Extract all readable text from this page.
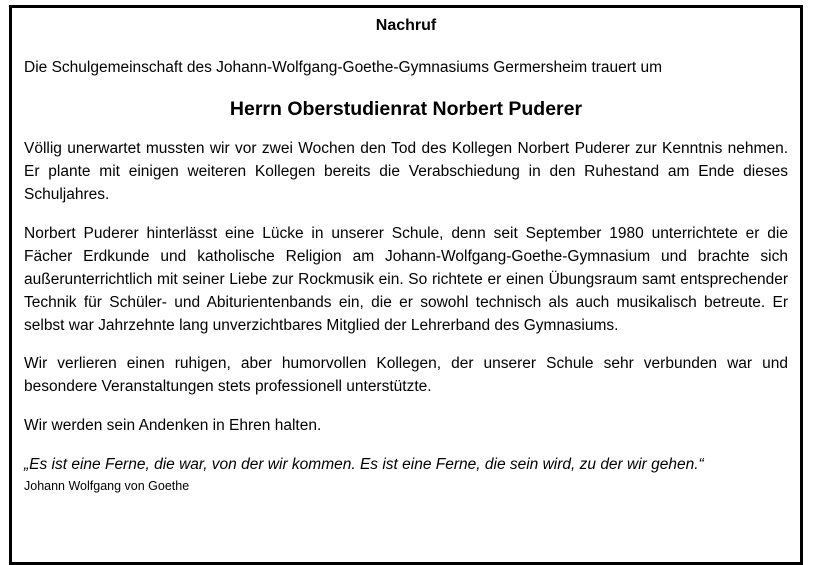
Nachruf
Die Schulgemeinschaft des Johann-Wolfgang-Goethe-Gymnasiums Germersheim trauert um
Herrn Oberstudienrat Norbert Puderer

Völlig unerwartet mussten wir vor zwei Wochen den Tod des Kollegen Norbert Puderer zur Kenntnis nehmen. Er plante mit einigen weiteren Kollegen bereits die Verabschiedung in den Ruhestand am Ende dieses Schuljahres.

Norbert Puderer hinterlässt eine Lücke in unserer Schule, denn seit September 1980 unterrichtete er die Fächer Erdkunde und katholische Religion am Johann-Wolfgang-Goethe-Gymnasium und brachte sich außerunterrichtlich mit seiner Liebe zur Rockmusik ein. So richtete er einen Übungsraum samt entsprechender Technik für Schüler- und Abiturientenbands ein, die er sowohl technisch als auch musikalisch betreute. Er selbst war Jahrzehnte lang unverzichtbares Mitglied der Lehrerband des Gymnasiums.

Wir verlieren einen ruhigen, aber humorvollen Kollegen, der unserer Schule sehr verbunden war und besondere Veranstaltungen stets professionell unterstützte.

Wir werden sein Andenken in Ehren halten.

„Es ist eine Ferne, die war, von der wir kommen. Es ist eine Ferne, die sein wird, zu der wir gehen.“
Johann Wolfgang von Goethe
